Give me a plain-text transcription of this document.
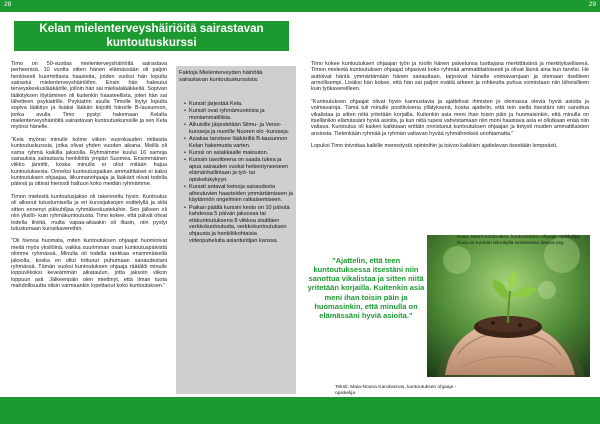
28	29
Kelan mielenterveyshäiriöitä sairastavan kuntoutuskurssi

Timo on 50-vuotias mielenterveyshäiriöitä sairastava perheenisä. 10 vuotta sitten hänen elämässään oli paljon henkisesti kuormittavia haasteita, joiden vuoksi hän lopulta sairastui mielenterveyshäiriöihin. Ensin hän hakeutui terveyskeskuslääkärille, jolloin hän sai mielialalääkkeitä. Sopivan lääkityksen löytäminen oli kuitenkin haasteellista, joten hän sai lähetteen psykiatrille. Psykiatrin avulla Timolle löytyi lopulta sopiva lääkitys ja lisäksi lääkäri kirjoitti hänelle B-lausunnon, jonka avulla Timo pystyi hakemaan Kelalta mielenterveyshäiriöitä sairastavan kuntoutuskurssille ja sen Kela myönsi hänelle.

“Kela myönsi minulle kolme viikon vuorokauden mittaista kuntoutuskurssia, jotka olivat yhden vuoden aikana. Meillä oli sama ryhmä kaikilla jaksoilla. Ryhmämme kuului 16 samoja sairauksia sairastavia henkilöitä ympäri Suomea. Ensimmäinen viikko jännitti, koska minulla ei ollut mitään hajua kuntoutuksesta. Onneksi kuntoutuspaikan ammattilaiset ei kaksi kuntoutuksen ohjaajaa, liikunnanohjaaja ja lääkärit olivat todella pätevä ja ottivat hienosti haltuun koko meidän ryhmämme.

Timon mielestä kuntoutusjakso oli rakennettu hyvin. Kuntoutus oli alkanut tutustumisella ja eri kurssijaksojen esittelyllä ja siitä sitten ennenyt pikkuhiljaa ryhmäkeskusteluihin. Sen jälkeen oli niin yksilö- kuin ryhmäkuntoutusta. Timo kokee, että päivät olivat todella tiiviitä, mutta vapaa-aikaakin oli illasin, niin pystyi tutustumaan kurssikavereihin.

“Oli hienoa huomata, miten kuntoutuksen ohjaajat huomioivat meitä myös yksilöinä, vaikka suurimman osan kuntoutuspäivistä olimme ryhmässä. Minulla oli todella rankkaa ensimmäisellä jaksolla, koska en ollut tottunut puhumaan sairaudestani ryhmässä. Tämän vuoksi kuntoutuksen ohjaaja räätälöi minulle loppuviikoksi keveämmän aikataulun, jotta jaksoin viikon loppuun asti. Jälkeenpäin olen miettinyt, että ilman tuota mahdollisuutta olisin varmaankin lopettanut koko kuntoutuksen.”

Faktoja Mielenterveyden häiriöitä sairastavan kuntoutuskurssista:
• Kurssit järjestää Kela.
• Kurssit ovat ryhmämuotoisia ja moniammatillisia.
• Alkuisille järjestetään Silmu- ja Verso-kursseja ja nuorille Nuoren elo -kursseja.
• Asiakas tarvitsee lääkäriltä B-lausunnon Kelan hakemusta varten.
• Kurssi on asiakkaalle maksuton.
• Kurssin tavoitteena on saada tukea ja apua sairauden vuoksi heikentyneeseen elämänhallintaan ja työ- tai opiskelukykyyn.
• Kurssit antavat keinoja sairaudesta aiheutuvien haasteiden ymmärtämiseen ja käytännön ongelmien ratkaisemiseen.
• Paikan päällä kurssin kesto on 10 päivää kahdessa 5 päivän jaksossa tai etäkuntoutuksena 8 viikkoa sisältäen verkkokuntoutusta, verkkokuntoutuksen ohjausta ja henkilökohtaisia videopuheluita asiantuntijan kanssa.

Timo kokee kuntoutuksen ohjaajan työn ja roolin hänen palvelunsa tuottajana merkittävänä ja merkityksellisenä. Timon mielestä kuntoutuksen ohjaajat ohjasivat koko ryhmää ammattitaitoisesti ja olivat läsnä aina kun tarvitsi. He auttoivat häntä ymmärtämään hänen sairauttaan, tarjosivat hänelle voimavarojaan ja olemaan itseltleen armollisempi. Lisäksi hän kokee, että hän sai paljon eväitä arkeen ja rohkeutta puhua voimistaan niin läheisilleen kuin työkavereilleen.

“Kuntoutuksen ohjaajat olivat hyvin kannustavia ja ajattelivat ihmisten jo olemassa olevia hyviä asioita ja voimavaroja. Tämä tuli minulle positiivisena yllätyksenä, koska ajattelin, että tein siellä itsestäni niin sanottua vikalistaa ja sitten niitä yritetään korjailla. Kuitenkin asia meni ihan toisin päin ja huomaisinkin, että minulla on itsellänikin elämässäni hyviä asioita, ja kun niitä rupesi vahvistamaan niin moni haastava asia ei ollutkaan enää niin valtava. Kuntoutus oli kaiken kaikkiaan erittäin onnistunut kuntoutuksen ohjaajan ja tietysti muiden ammattilaisten ansiosta. Tietenkään ryhmää ja ryhmän valtavan hyvää ryhmähenkeä unohtamatta.”

Lopuksi Timo toivottaa kaikille menestystä opintoihin ja toivoo kaikkien ajattelevan itsestään lempeästi.

Kuva: Sanni Kanta-aksa, kuntoutuksen ohjaaja -opiskelija. Kuva on tuotettu tekoälyllä osoitteessa deepai.org.
”Ajattelin, että teen kuntoutuksessa itsestäni niin sanottua vikalistaa ja sitten niitä yritetään korjailla. Kuitenkin asia meni ihan toisin päin ja huomasinkin, että minulla on elämässäni hyviä asioita.”
Teksti: Maia-Noona Karukannas, kuntoutuksen ohjaaja -opiskelija
